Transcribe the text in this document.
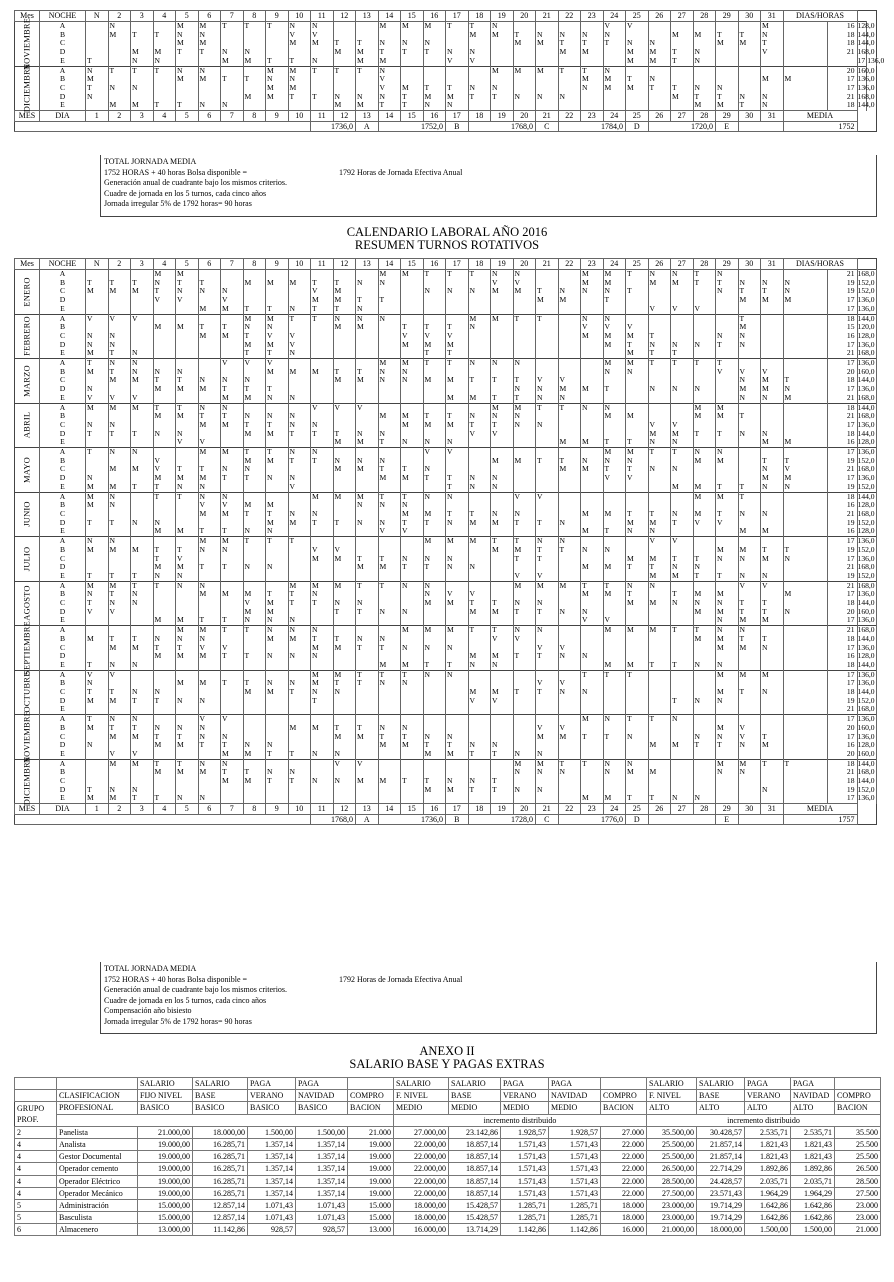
Mes	NOCHE	N	2	3	4	5	6	7	8	9	10	11	12	13	14	15	16	17	18	19	20	21	22	23	24	25	26	27	28	29	30	31	DIAS/HORAS			

NOVIEMBRE	A		N			M	M	T	T	T	N	N			M	M	M	T	T	N					V	V						M		16	128,0	
	B		M	T	T	N	N				V	V							M	M	T	N	N	N	N			M	M	T	T	N		18	144,0	
	C					M	M				M	M	T	T	N	N	N				M	M	T	T	T	N	N			M	M	T		18	144,0	
	D			M	M	T	T	N	N				M	M	T	T	T	N	N				M	M		M	M	T	N			V		21	168,0	
	E	T		N	N			M	M	T	T	N		M	M			V	V							M	M	T	N						17	136,0

DICIEMBRE	A	N	T	T	T	N	N			M	M	T	T	T	N					M	M	M	T	T	N									20	160,0	
	B	M				M	M	T	T	N	N				V									M	M	T	N					M	M	17	136,0	
	C	T	N	N						M	M				V	M	T	T	N	N				N	M	M	T	T	N	N				17	136,0	
	D	N							M	M	T	T	N	N	N	T	M	M	T	T	N	N	N					M	T	T	N	N		21	168,0	
	E		M	M	T	T	N	N					M	M	T	T	N	N											M	M	T	N		18	144,0	
MES	DIA	1	2	3	4	5	6	7	8	9	10	11	12	13	14	15	16	17	18	19	20	21	22	23	24	25	26	27	28	29	30	31	MEDIA			
												1736,0		A	1752,0			B	1768,0			C	1784,0			D	1720,0			E			1752			
TOTAL JORNADA MEDIA
1752 HORAS + 40 horas Bolsa disponible =	1792 Horas de Jornada Efectiva Anual
Generación anual de cuadrante bajo los mismos criterios.
Cuadre de jornada en los 5 turnos, cada cinco años
Jornada irregular 5% de 1792 horas= 90 horas
CALENDARIO LABORAL AÑO 2016
RESUMEN TURNOS ROTATIVOS
Mes	NOCHE	N	2	3	4	5	6	7	8	9	10	11	12	13	14	15	16	17	18	19	20	21	22	23	24	25	26	27	28	29	30	31	DIAS/HORAS		

ENERO	A				M	M									M	M	T	T	T	N	N			M	M	T	N	N	T	N				21	168,0
	B	T	T	T	N	T	T		M	M	M	T	T	N	N					V	V			M	M		M	M	T	T	N	N	N	19	152,0
	C	M	M	M	T	N	N	N				V	M				N	N	N	M	M	T	N	N	N	T				N	T	T	N	19	152,0
	D				V	V		V				M	M	T	T							M	M		T						M	M	M	17	136,0
	E						M	M	T	T	N	T	T	N													V	V	V					17	136,0

FEBRERO	A	V	V	V					M	M	T	T	N	N	N				M	M	T	T		N	N						T			18	144,0
	B				M	M	T	T	N	N			M	M		T	T	T	N					V	V	V					M			15	120,0
	C	N	N				M	M	T	V	V					V	V	V						M	M	M	T			N	N			16	128,0
	D	N	N						M	M	V					M	M	M							M	T	N	N	N	T	N			17	136,0
	E	M	T	N					T	T	N						T	T								M	T	T						21	168,0

MARZO	A	T	N	N				V	V	V					M	M	T	T	N	N	N				M	M	T	T	T	T				17	136,0
	B	M	T	N	N	N				M	M	M	T	T	N	N									N	N				V	V	V		20	160,0
	C		M	M	T	T	N	N	N				M	M	N	N	M	M	T	T	T	V	V								N	M	T	18	144,0
	D	N			M	M	M	T	T	T											N	N	M	M	T		N	N	N		M	M	N	17	136,0
	E	V	V	V				M	M	N	N							M	M	T	T	N	N								N	N	M	21	168,0

ABRIL	A	M	M	M	T	T	N	N				V	V	V						M	M	T	T	N	N				M	M				18	144,0
	B				M	M	T	T	N	N	N				M	M	T	T	N	N	N				M	M			M	M	T			21	168,0
	C	N	N				M	M	T	T	N	N				M	M	M	T	T	N	N					V	V						17	136,0
	D	T	T	T	N	N			M	M	T	T	T	N	N				V	V							M	M	T	T	N	N		18	144,0
	E					V	V						M	M	T	N	N	N					M	M	T	T	N	N				M	M	16	128,0

MAYO	A	T	N	N			M	M	T	T	N	N					V	V							M	M	T	T	N	N				17	136,0
	B				V				M	M	T	T	N	N	N					M	M	T	T	N	N	N			M	M		T	T	19	152,0
	C		M	M	V	T	T	N	N				M	M	T	T	N						M	M	T	T	N	N				N	V	21	168,0
	D	N			M	M	M	T	T	N	N				M	M	T	T	N	N					V	V						M	M	17	136,0
	E	M	M	T	T	N	N				V							T	N	N								M	M	T	T	N	N	19	152,0

JUNIO	A	M	N		T	T	N	N				M	M	M	T	T	N	N			V	V							M	M	T			18	144,0
	B	M	N				V	V	M	M				N	N	N																		16	128,0
	C						M	M	T	T	N	N				M	M	T	T	N	N			M	M	T	T	N	M	T	N	N		21	168,0
	D	T	T	N	N					M	M	T	T	N	N	T	T	N	M	M	T	T	N			M	M	T	V	V				19	152,0
	E				M	M	T	T	N	N					V	V								M	T	N	N				M	M		16	128,0

JULIO	A	N	N				M	M	T	T	T						M	M	M	T	T	N	N				V	V						17	136,0
	B	M	M	M	T	T	N	N				V	V							M	M	T	T	N	N					M	M	T	T	19	152,0
	C				T	V						M	M	T	T	N	N	N			T	T				M	M	T	T	N	N	M	N	17	136,0
	D				M	M	T	T	N	N				M	M	T	T	N	N					M	M	T	T	N	N					21	168,0
	E	T	T	T	N	N															V	V					M	M	T	T	N	N		19	152,0

AGOSTO	A	M	M	T	T	N	N				M	M	M	T	T	N	N				M	M	M	T	T	N	N				V	V		21	168,0
	B	N	T	N			M	M	M	T	T	N					N	V	V					M	M	T		T	M	M			M	17	136,0
	C	T	N	N					V	M	T	T	N	N			M	M	T	T	N	N				M	M	N	N	N	T	T		18	144,0
	D	V	V						M	M			T	T	N	N			M	M	T	T	N	N					M	M	T	T	N	20	160,0
	E				M	M	T	T	N	N	N													V	V					N	M	M		17	136,0

SEPTIEMBRE	A					M	M	T	T	N	N	N				M	M	M	T	T	N	N			M	M	M	T	T	N	N			21	168,0
	B	M	T	T	N	N	N			M	M	T	T	N	N					V	V								M	M	T	T		18	144,0
	C		M	M	T	T	V	V				M	M	T	T	N	N	N				V	V							M	M	N		17	136,0
	D				M	M	M	T	T	N	N	N							M	M	T	T	N	N										16	128,0
	E	T	N	N											M	M	T	T	N	N					M	M	T	T	N	N				18	144,0

OCTUBRE	A	V	V									M	M	T	T	T	N	N						T	T	T				M	M	M		17	136,0
	B	N				M	M	T	T	N	N	M	T	T	N	N						V	V											17	136,0
	C	T	T	N	N				M	M	T	N	N						M	M	T	T	N	N						M	T	N		18	144,0
	D	M	M	T	T	N	N					T							V	V								T	N	N				19	152,0
	E																																	21	168,0

NOVIEMBRE	A	T	N	N			V	V																M	N	T	T	N						17	136,0
	B	M	T	T	N	N	N				M	M	T	T	N	N						V	V							M	V			20	160,0
	C		M	M	T	T	N	N					M	M	T	T	N	N				M	M	T	T	N			N	N	V	T		17	136,0
	D	N			M	M	T	T	N	N					M	M	T	T	N	N							M	M	T	T	N	M		16	128,0
	E		V	V				M	M	T	T	N	N				M	M	T	T	N	N												20	160,0

DICIEMBRE	A		M	M	T	T	N	N					V	V							M	M	T	T	N	N				M	M	T	T	18	144,0
	B				M	M	M	T	T	N	N										N	N	N		N	M	M			N	N			21	168,0
	C							M	M	T	T	N	N	M	M	T	T	N	N	T														18	144,0
	D	T	N	N													M	M	T	T	N	N										N		19	152,0
	E	M	M	T	T	N	N																	M	M	T	T	N	N					17	136,0
MES	DIA	1	2	3	4	5	6	7	8	9	10	11	12	13	14	15	16	17	18	19	20	21	22	23	24	25	26	27	28	29	30	31	MEDIA		
												1768,0		A	1736,0			B	1728,0			C	1776,0			D				E			1757		
TOTAL JORNADA MEDIA
1752 HORAS + 40 horas Bolsa disponible =	1792 Horas de Jornada Efectiva Anual
Generación anual de cuadrante bajo los mismos criterios.
Cuadre de jornada en los 5 turnos, cada cinco años
Compensación año bisiesto
Jornada irregular 5% de 1792 horas= 90 horas
ANEXO II
SALARIO BASE Y PAGAS EXTRAS
		SALARIO	SALARIO	PAGA	PAGA		SALARIO	SALARIO	PAGA	PAGA		SALARIO	SALARIO	PAGA	PAGA	
	CLASIFICACION	FIJO NIVEL	BASE	VERANO	NAVIDAD	COMPRO	F. NIVEL	BASE	VERANO	NAVIDAD	COMPRO	F. NIVEL	BASE	VERANO	NAVIDAD	COMPRO
GRUPO	PROFESIONAL	BASICO	BASICO	BASICO	BASICO	BACION	MEDIO	MEDIO	MEDIO	MEDIO	BACION	ALTO	ALTO	ALTO	ALTO	BACION
PROF.							incremento distribuido					incremento distribuido				
2	Panelista	21.000,00	18.000,00	1.500,00	1.500,00	21.000	27.000,00	23.142,86	1.928,57	1.928,57	27.000	35.500,00	30.428,57	2.535,71	2.535,71	35.500
4	Analista	19.000,00	16.285,71	1.357,14	1.357,14	19.000	22.000,00	18.857,14	1.571,43	1.571,43	22.000	25.500,00	21.857,14	1.821,43	1.821,43	25.500
4	Gestor Documental	19.000,00	16.285,71	1.357,14	1.357,14	19.000	22.000,00	18.857,14	1.571,43	1.571,43	22.000	25.500,00	21.857,14	1.821,43	1.821,43	25.500
4	Operador cemento	19.000,00	16.285,71	1.357,14	1.357,14	19.000	22.000,00	18.857,14	1.571,43	1.571,43	22.000	26.500,00	22.714,29	1.892,86	1.892,86	26.500
4	Operador Eléctrico	19.000,00	16.285,71	1.357,14	1.357,14	19.000	22.000,00	18.857,14	1.571,43	1.571,43	22.000	28.500,00	24.428,57	2.035,71	2.035,71	28.500
4	Operador Mecánico	19.000,00	16.285,71	1.357,14	1.357,14	19.000	22.000,00	18.857,14	1.571,43	1.571,43	22.000	27.500,00	23.571,43	1.964,29	1.964,29	27.500
5	Administración	15.000,00	12.857,14	1.071,43	1.071,43	15.000	18.000,00	15.428,57	1.285,71	1.285,71	18.000	23.000,00	19.714,29	1.642,86	1.642,86	23.000
5	Basculista	15.000,00	12.857,14	1.071,43	1.071,43	15.000	18.000,00	15.428,57	1.285,71	1.285,71	18.000	23.000,00	19.714,29	1.642,86	1.642,86	23.000
6	Almacenero	13.000,00	11.142,86	928,57	928,57	13.000	16.000,00	13.714,29	1.142,86	1.142,86	16.000	21.000,00	18.000,00	1.500,00	1.500,00	21.000
